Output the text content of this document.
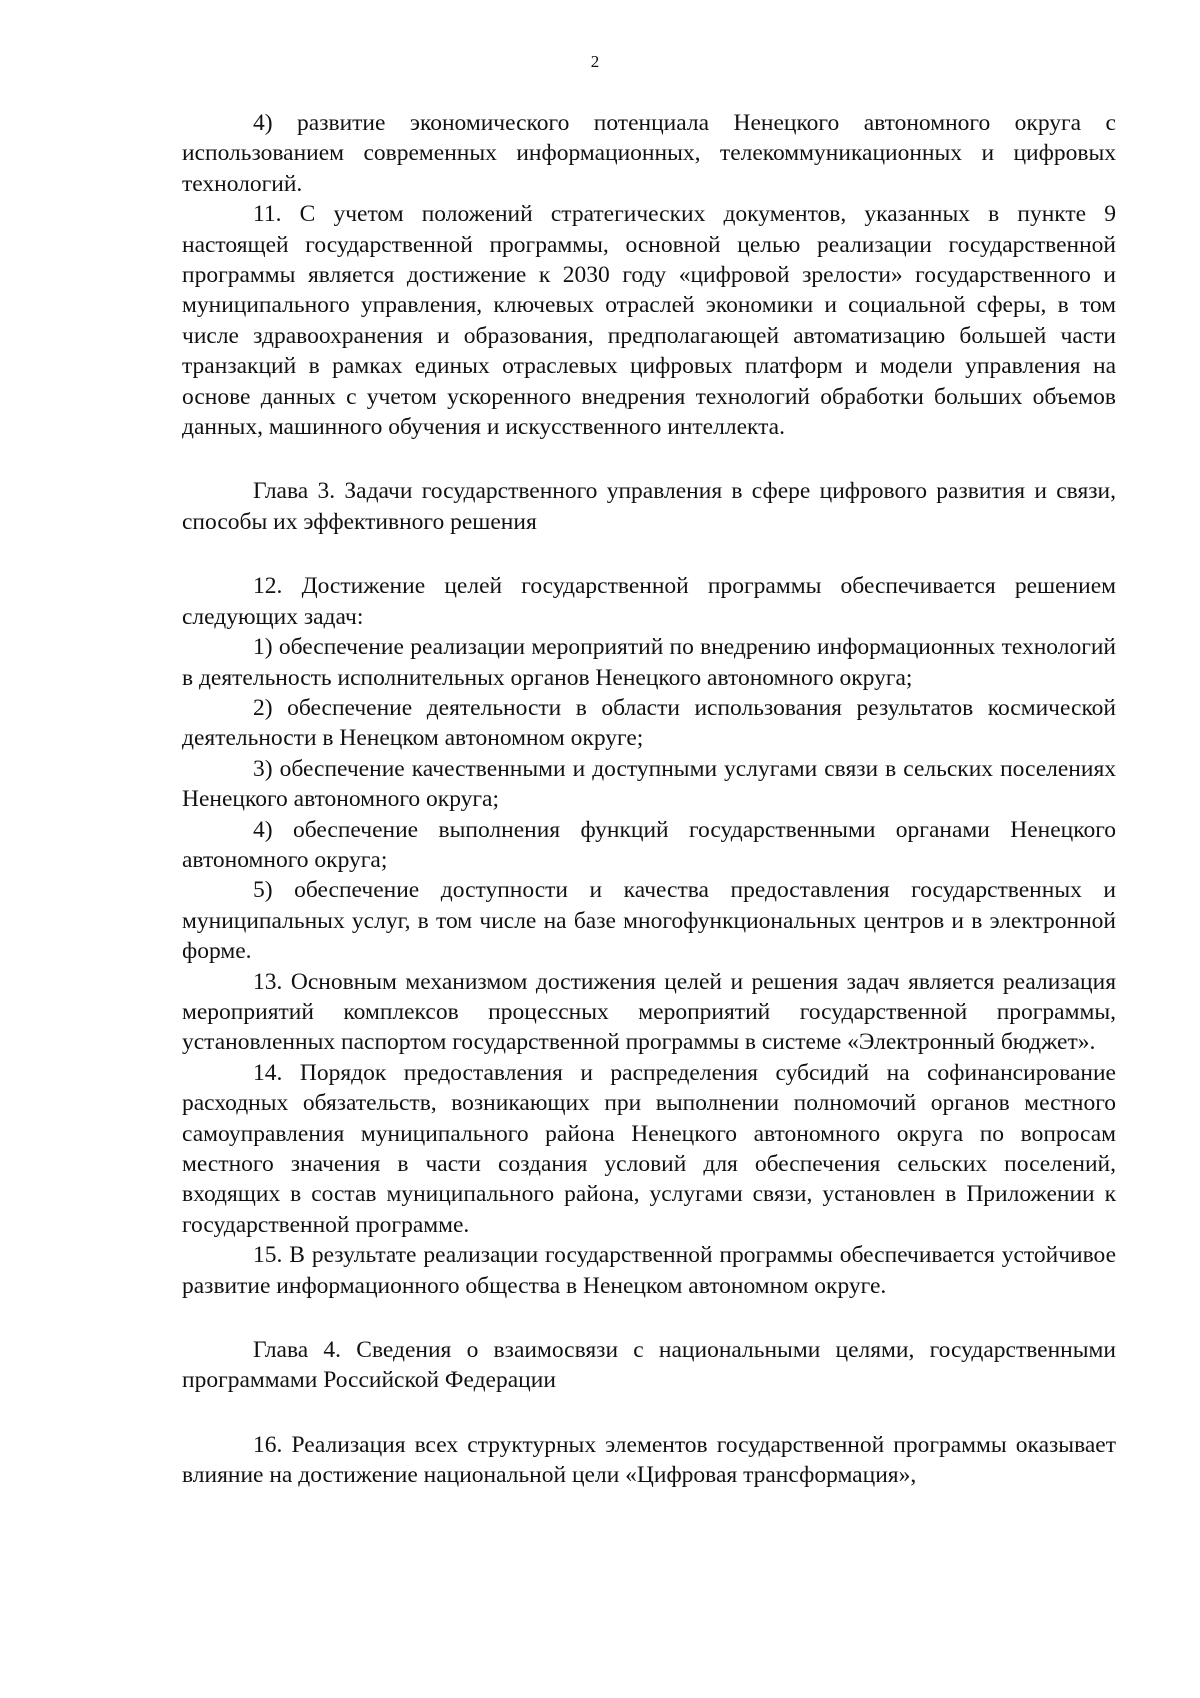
2

4) развитие экономического потенциала Ненецкого автономного округа с использованием современных информационных, телекоммуникационных и цифровых технологий.

11. С учетом положений стратегических документов, указанных в пункте 9 настоящей государственной программы, основной целью реализации государственной программы является достижение к 2030 году «цифровой зрелости» государственного и муниципального управления, ключевых отраслей экономики и социальной сферы, в том числе здравоохранения и образования, предполагающей автоматизацию большей части транзакций в рамках единых отраслевых цифровых платформ и модели управления на основе данных с учетом ускоренного внедрения технологий обработки больших объемов данных, машинного обучения и искусственного интеллекта.

Глава 3. Задачи государственного управления в сфере цифрового развития и связи, способы их эффективного решения

12. Достижение целей государственной программы обеспечивается решением следующих задач:

1) обеспечение реализации мероприятий по внедрению информационных технологий в деятельность исполнительных органов Ненецкого автономного округа;

2) обеспечение деятельности в области использования результатов космической деятельности в Ненецком автономном округе;

3) обеспечение качественными и доступными услугами связи в сельских поселениях Ненецкого автономного округа;

4) обеспечение выполнения функций государственными органами Ненецкого автономного округа;

5) обеспечение доступности и качества предоставления государственных и муниципальных услуг, в том числе на базе многофункциональных центров и в электронной форме.

13. Основным механизмом достижения целей и решения задач является реализация мероприятий комплексов процессных мероприятий государственной программы, установленных паспортом государственной программы в системе «Электронный бюджет».

14. Порядок предоставления и распределения субсидий на софинансирование расходных обязательств, возникающих при выполнении полномочий органов местного самоуправления муниципального района Ненецкого автономного округа по вопросам местного значения в части создания условий для обеспечения сельских поселений, входящих в состав муниципального района, услугами связи, установлен в Приложении к государственной программе.

15. В результате реализации государственной программы обеспечивается устойчивое развитие информационного общества в Ненецком автономном округе.

Глава 4. Сведения о взаимосвязи с национальными целями, государственными программами Российской Федерации

16. Реализация всех структурных элементов государственной программы оказывает влияние на достижение национальной цели «Цифровая трансформация»,
